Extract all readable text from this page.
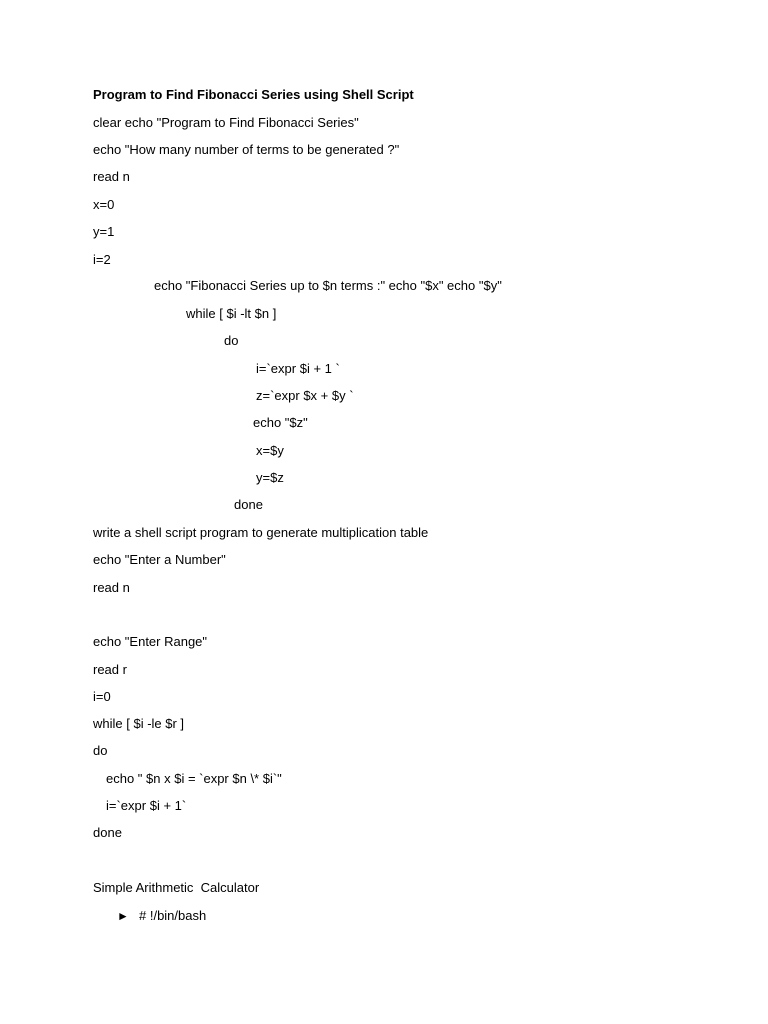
Program to Find Fibonacci Series using Shell Script
clear echo "Program to Find Fibonacci Series"
echo "How many number of terms to be generated ?"
read n
x=0
y=1
i=2
echo "Fibonacci Series up to $n terms :" echo "$x" echo "$y"
while [ $i -lt $n ]
do
i=`expr $i + 1 `
z=`expr $x + $y `
echo "$z"
x=$y
y=$z
done
write a shell script program to generate multiplication table
echo "Enter a Number"
read n
echo "Enter Range"
read r
i=0
while [ $i -le $r ]
do
echo " $n x $i = `expr $n \* $i`"
i=`expr $i + 1`
done
Simple Arithmetic  Calculator
► # !/bin/bash
